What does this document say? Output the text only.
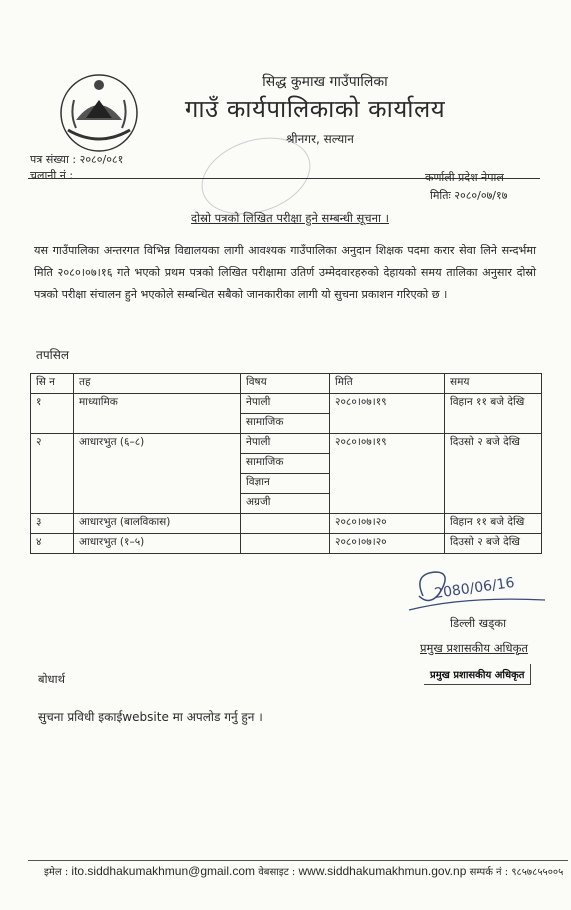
सिद्ध कुमाख गाउँपालिका
गाउँ कार्यपालिकाको कार्यालय
श्रीनगर, सल्यान
पत्र संख्या : २०८०/०८१
चलानी नं :	कर्णाली प्रदेश नेपाल
मितिः २०८०/०७/१७
दोस्रो पत्रको लिखित परीक्षा हुने सम्बन्धी सूचना ।
यस गाउँपालिका अन्तरगत विभिन्न विद्यालयका लागी आवश्यक गाउँपालिका अनुदान शिक्षक पदमा करार सेवा लिने सन्दर्भमा मिति २०८०।०७।१६ गते भएको प्रथम पत्रको लिखित परीक्षामा उतिर्ण उम्मेदवारहरुको देहायको समय तालिका अनुसार दोस्रो पत्रको परीक्षा संचालन हुने भएकोले सम्बन्धित सबैको जानकारीका लागी यो सुचना प्रकाशन गरिएको छ ।
तपसिल
सि न	तह	विषय	मिति	समय
१	माध्यामिक	नेपाली	२०८०।०७।१९	विहान ११ बजे देखि
		सामाजिक		
२	आधारभुत (६–८)	नेपाली	२०८०।०७।१९	दिउसो २ बजे देखि
		सामाजिक		
		विज्ञान		
		अग्रजी		
३	आधारभुत (बालविकास)		२०८०।०७।२०	विहान ११ बजे देखि
४	आधारभुत (१–५)		२०८०।०७।२०	दिउसो २ बजे देखि
2080/06/16
डिल्ली खड्का
प्रमुख प्रशासकीय अधिकृत
प्रमुख प्रशासकीय अधिकृत
बोधार्थ
सुचना प्रविधी इकाईwebsite मा अपलोड गर्नु हुन ।
इमेल : ito.siddhakumakhmun@gmail.com वेबसाइट : www.siddhakumakhmun.gov.np सम्पर्क नं : ९८५७८५५००५
